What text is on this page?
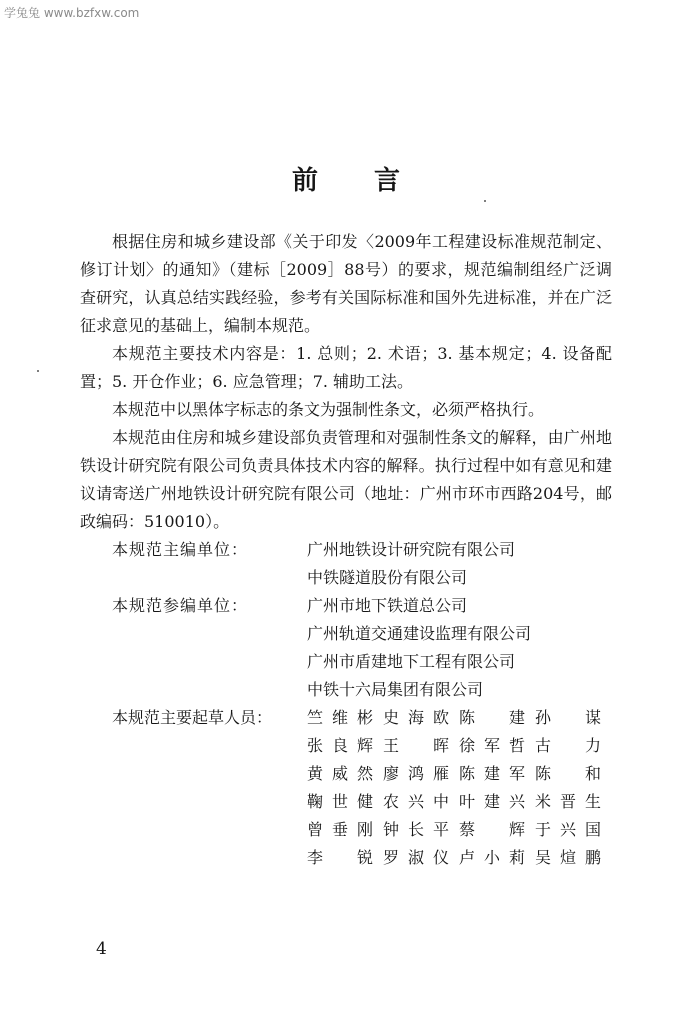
学兔兔 www.bzfxw.com
前 言

根据住房和城乡建设部《关于印发〈2009年工程建设标准规范制定、修订计划〉的通知》（建标［2009］88号）的要求，规范编制组经广泛调查研究，认真总结实践经验，参考有关国际标准和国外先进标准，并在广泛征求意见的基础上，编制本规范。

本规范主要技术内容是：1. 总则；2. 术语；3. 基本规定；4. 设备配置；5. 开仓作业；6. 应急管理；7. 辅助工法。

本规范中以黑体字标志的条文为强制性条文，必须严格执行。

本规范由住房和城乡建设部负责管理和对强制性条文的解释，由广州地铁设计研究院有限公司负责具体技术内容的解释。执行过程中如有意见和建议请寄送广州地铁设计研究院有限公司（地址：广州市环市西路204号，邮政编码：510010）。

本规范主编单位：	广州地铁设计研究院有限公司
中铁隧道股份有限公司
本规范参编单位：	广州市地下铁道总公司
广州轨道交通建设监理有限公司
广州市盾建地下工程有限公司
中铁十六局集团有限公司
本规范主要起草人员：	竺维彬 史海欧 陈建 孙谋
张良辉 王晖 徐军哲 古力
黄威然 廖鸿雁 陈建军 陈和
鞠世健 农兴中 叶建兴 米晋生
曾垂刚 钟长平 蔡辉 于兴国
李锐 罗淑仪 卢小莉 吴煊鹏
4
